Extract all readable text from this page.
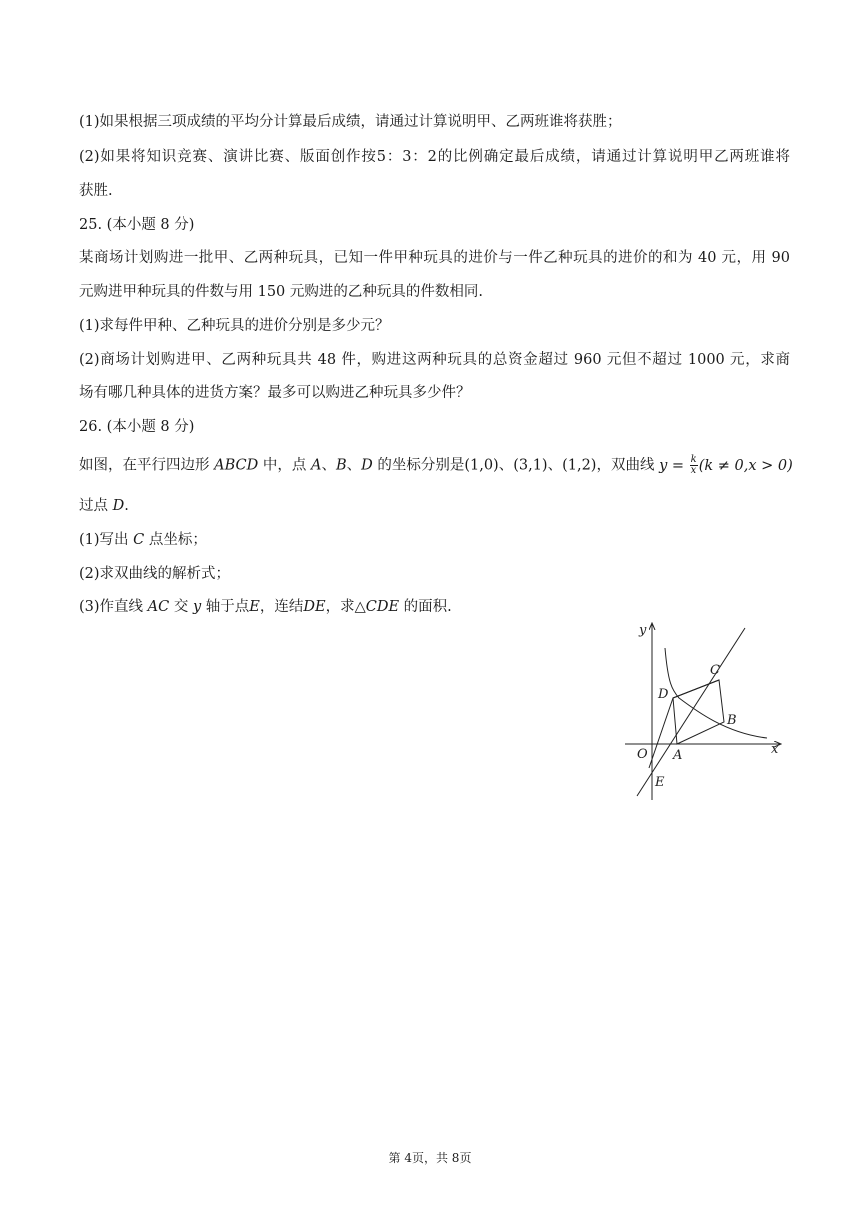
(1)如果根据三项成绩的平均分计算最后成绩，请通过计算说明甲、乙两班谁将获胜；
(2)如果将知识竞赛、演讲比赛、版面创作按5：3：2的比例确定最后成绩，请通过计算说明甲乙两班谁将
获胜.
25. (本小题 8 分)
某商场计划购进一批甲、乙两种玩具，已知一件甲种玩具的进价与一件乙种玩具的进价的和为 40 元，用 90
元购进甲种玩具的件数与用 150 元购进的乙种玩具的件数相同.
(1)求每件甲种、乙种玩具的进价分别是多少元？
(2)商场计划购进甲、乙两种玩具共 48 件，购进这两种玩具的总资金超过 960 元但不超过 1000 元，求商
场有哪几种具体的进货方案？最多可以购进乙种玩具多少件？
26. (本小题 8 分)
如图，在平行四边形 ABCD 中，点 A、B、D 的坐标分别是(1,0)、(3,1)、(1,2)，双曲线 $y = \frac{k}{x} (k \ne 0,x > 0)$
过点 D.
(1)写出 C 点坐标；
(2)求双曲线的解析式；
(3)作直线 AC 交 y 轴于点E，连结DE，求△CDE 的面积.
x
y
O A
B
C
D
E
第 4页，共 8页
